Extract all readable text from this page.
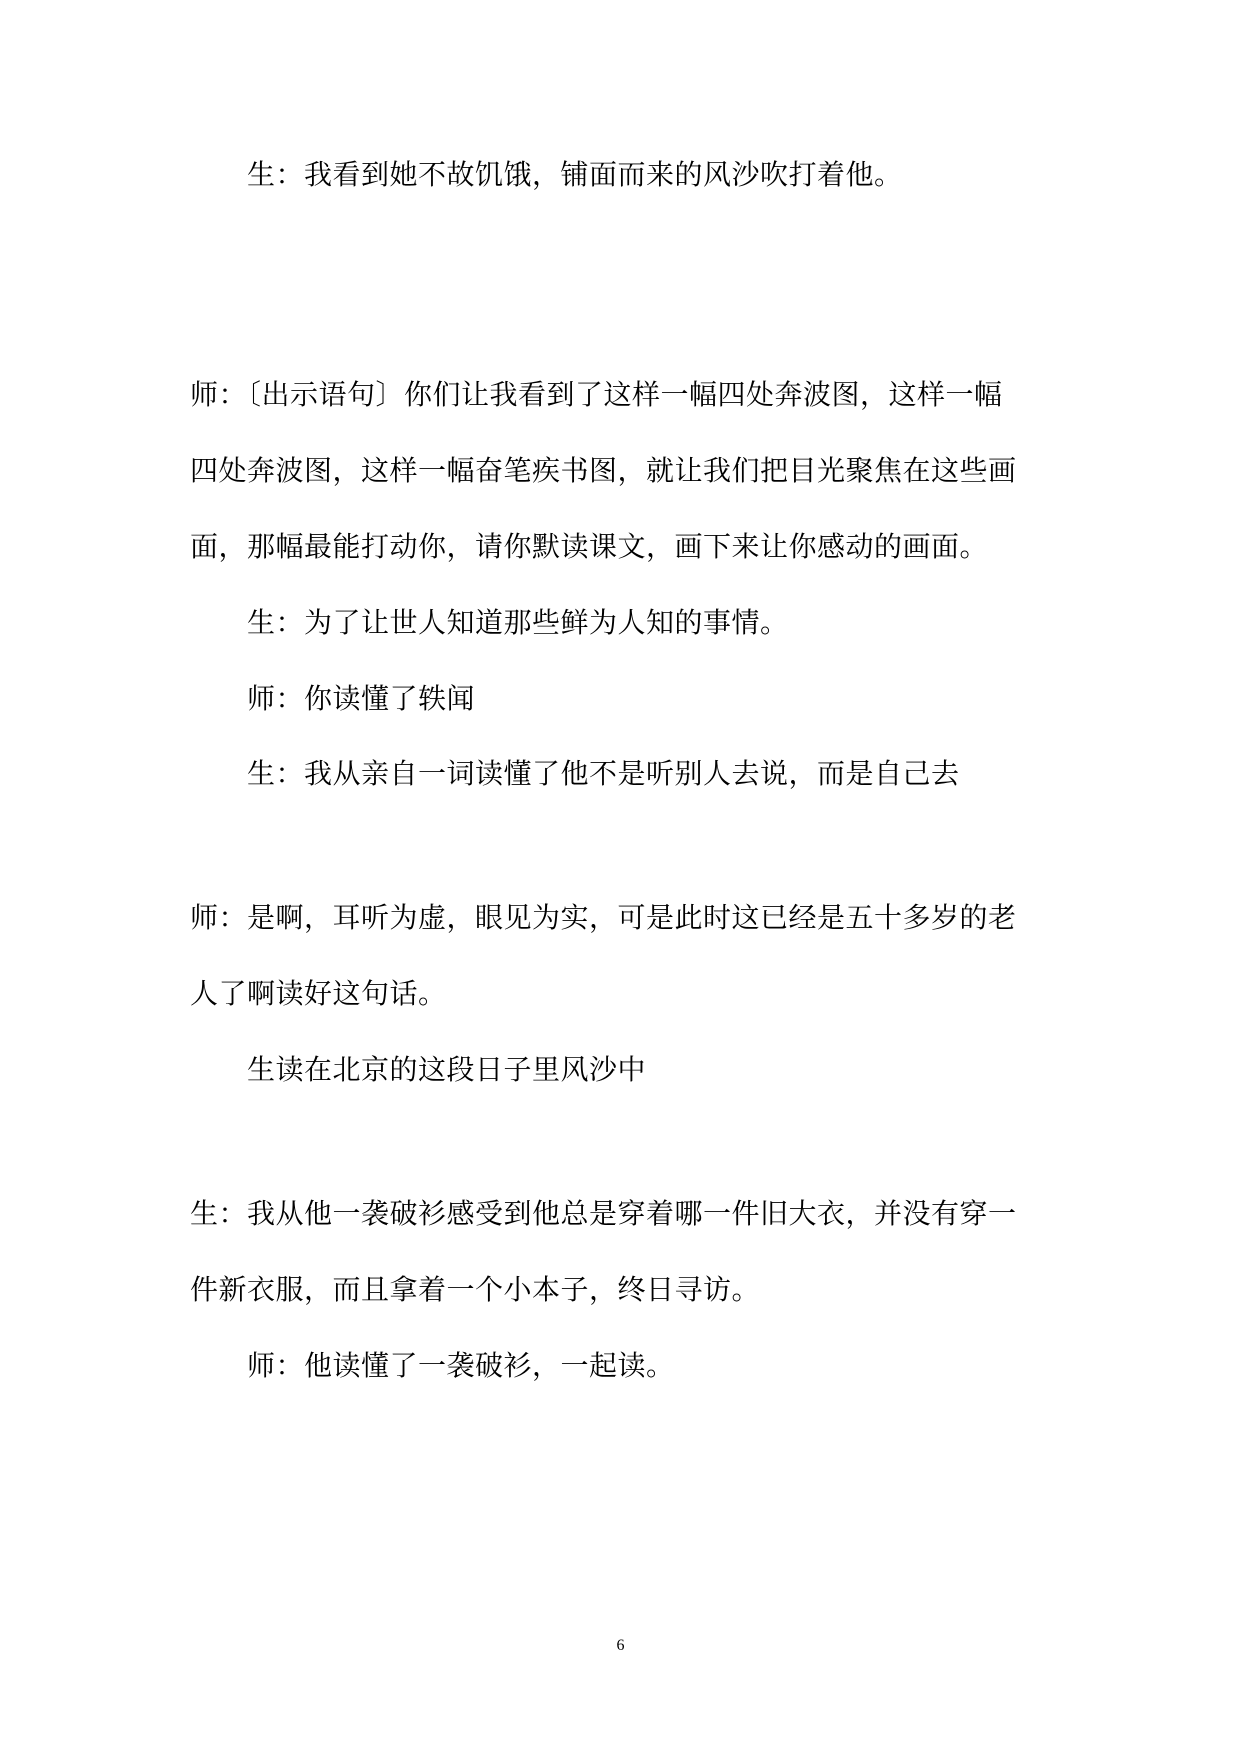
生：我看到她不故饥饿，铺面而来的风沙吹打着他。
师：〔出示语句〕你们让我看到了这样一幅四处奔波图，这样一幅
四处奔波图，这样一幅奋笔疾书图，就让我们把目光聚焦在这些画
面，那幅最能打动你，请你默读课文，画下来让你感动的画面。
生：为了让世人知道那些鲜为人知的事情。
师：你读懂了轶闻
生：我从亲自一词读懂了他不是听别人去说，而是自己去
师：是啊，耳听为虚，眼见为实，可是此时这已经是五十多岁的老
人了啊读好这句话。
生读在北京的这段日子里风沙中
生：我从他一袭破衫感受到他总是穿着哪一件旧大衣，并没有穿一
件新衣服，而且拿着一个小本子，终日寻访。
师：他读懂了一袭破衫，一起读。
6
